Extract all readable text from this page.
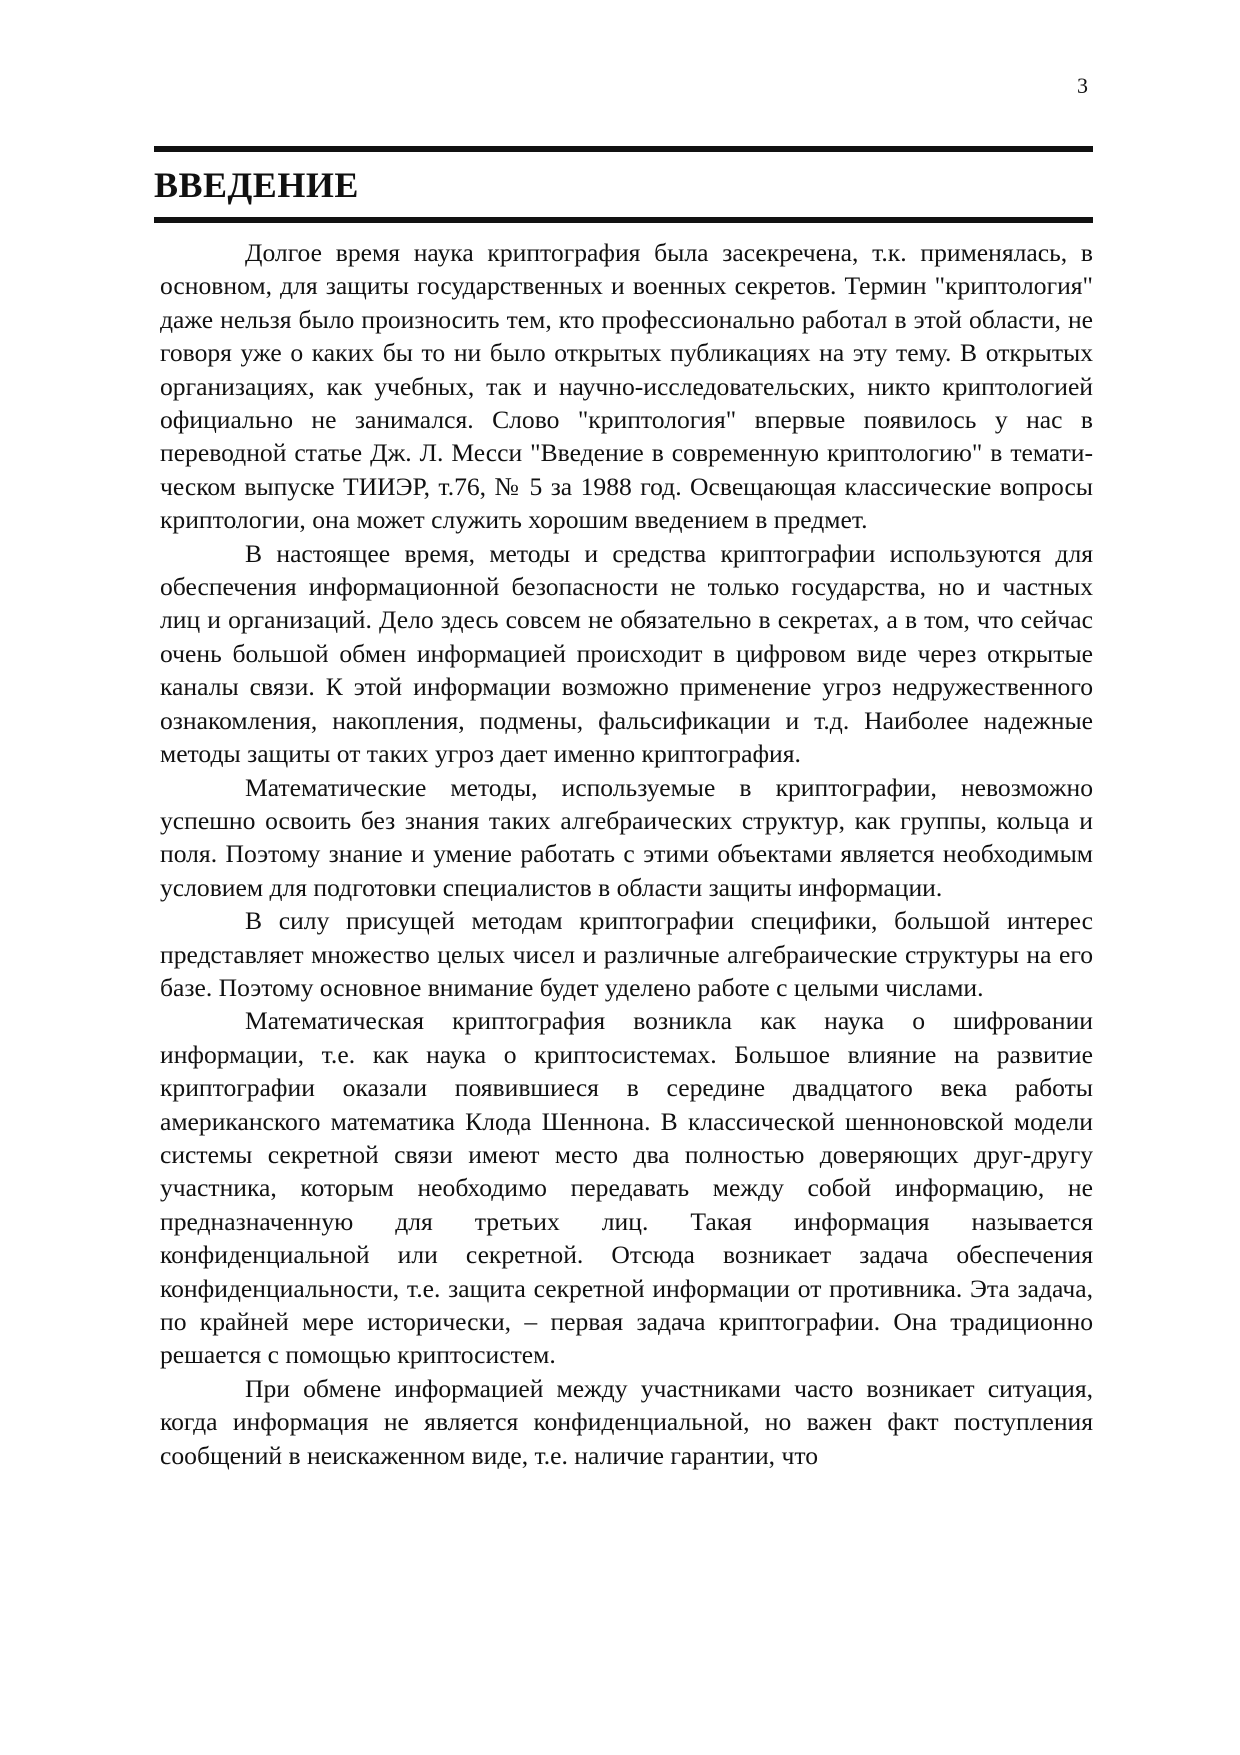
3
ВВЕДЕНИЕ

Долгое время наука криптография была засекречена, т.к. применялась, в основном, для защиты государственных и военных секретов. Термин "криптология" даже нельзя было произносить тем, кто профессионально работал в этой области, не говоря уже о каких бы то ни было открытых публикациях на эту тему. В открытых организациях, как учебных, так и научно-исследовательских, никто криптологией официально не занимался. Слово "криптология" впервые появилось у нас в переводной статье Дж. Л. Месси "Введение в современную криптологию" в тематическом выпуске ТИИЭР, т.76, № 5 за 1988 год. Освещающая классические вопросы криптологии, она может служить хорошим введением в предмет.

В настоящее время, методы и средства криптографии используются для обеспечения информационной безопасности не только государства, но и частных лиц и организаций. Дело здесь совсем не обязательно в секретах, а в том, что сейчас очень большой обмен информацией происходит в цифровом виде через открытые каналы связи. К этой информации возможно применение угроз недружественного ознакомления, накопления, подмены, фальсификации и т.д. Наиболее надежные методы защиты от таких угроз дает именно криптография.

Математические методы, используемые в криптографии, невозможно успешно освоить без знания таких алгебраических структур, как группы, кольца и поля. Поэтому знание и умение работать с этими объектами является необходимым условием для подготовки специалистов в области защиты информации.

В силу присущей методам криптографии специфики, большой интерес представляет множество целых чисел и различные алгебраические структуры на его базе. Поэтому основное внимание будет уделено работе с целыми числами.

Математическая криптография возникла как наука о шифровании информации, т.е. как наука о криптосистемах. Большое влияние на развитие криптографии оказали появившиеся в середине двадцатого века работы американского математика Клода Шеннона. В классической шенноновской модели системы секретной связи имеют место два полностью доверяющих друг-другу участника, которым необходимо передавать между собой информацию, не предназначенную для третьих лиц. Такая информация называется конфиденциальной или секретной. Отсюда возникает задача обеспечения конфиденциальности, т.е. защита секретной информации от противника. Эта задача, по крайней мере исторически, – первая задача криптографии. Она традиционно решается с помощью криптосистем.

При обмене информацией между участниками часто возникает ситуация, когда информация не является конфиденциальной, но важен факт поступления сообщений в неискаженном виде, т.е. наличие гарантии, что
